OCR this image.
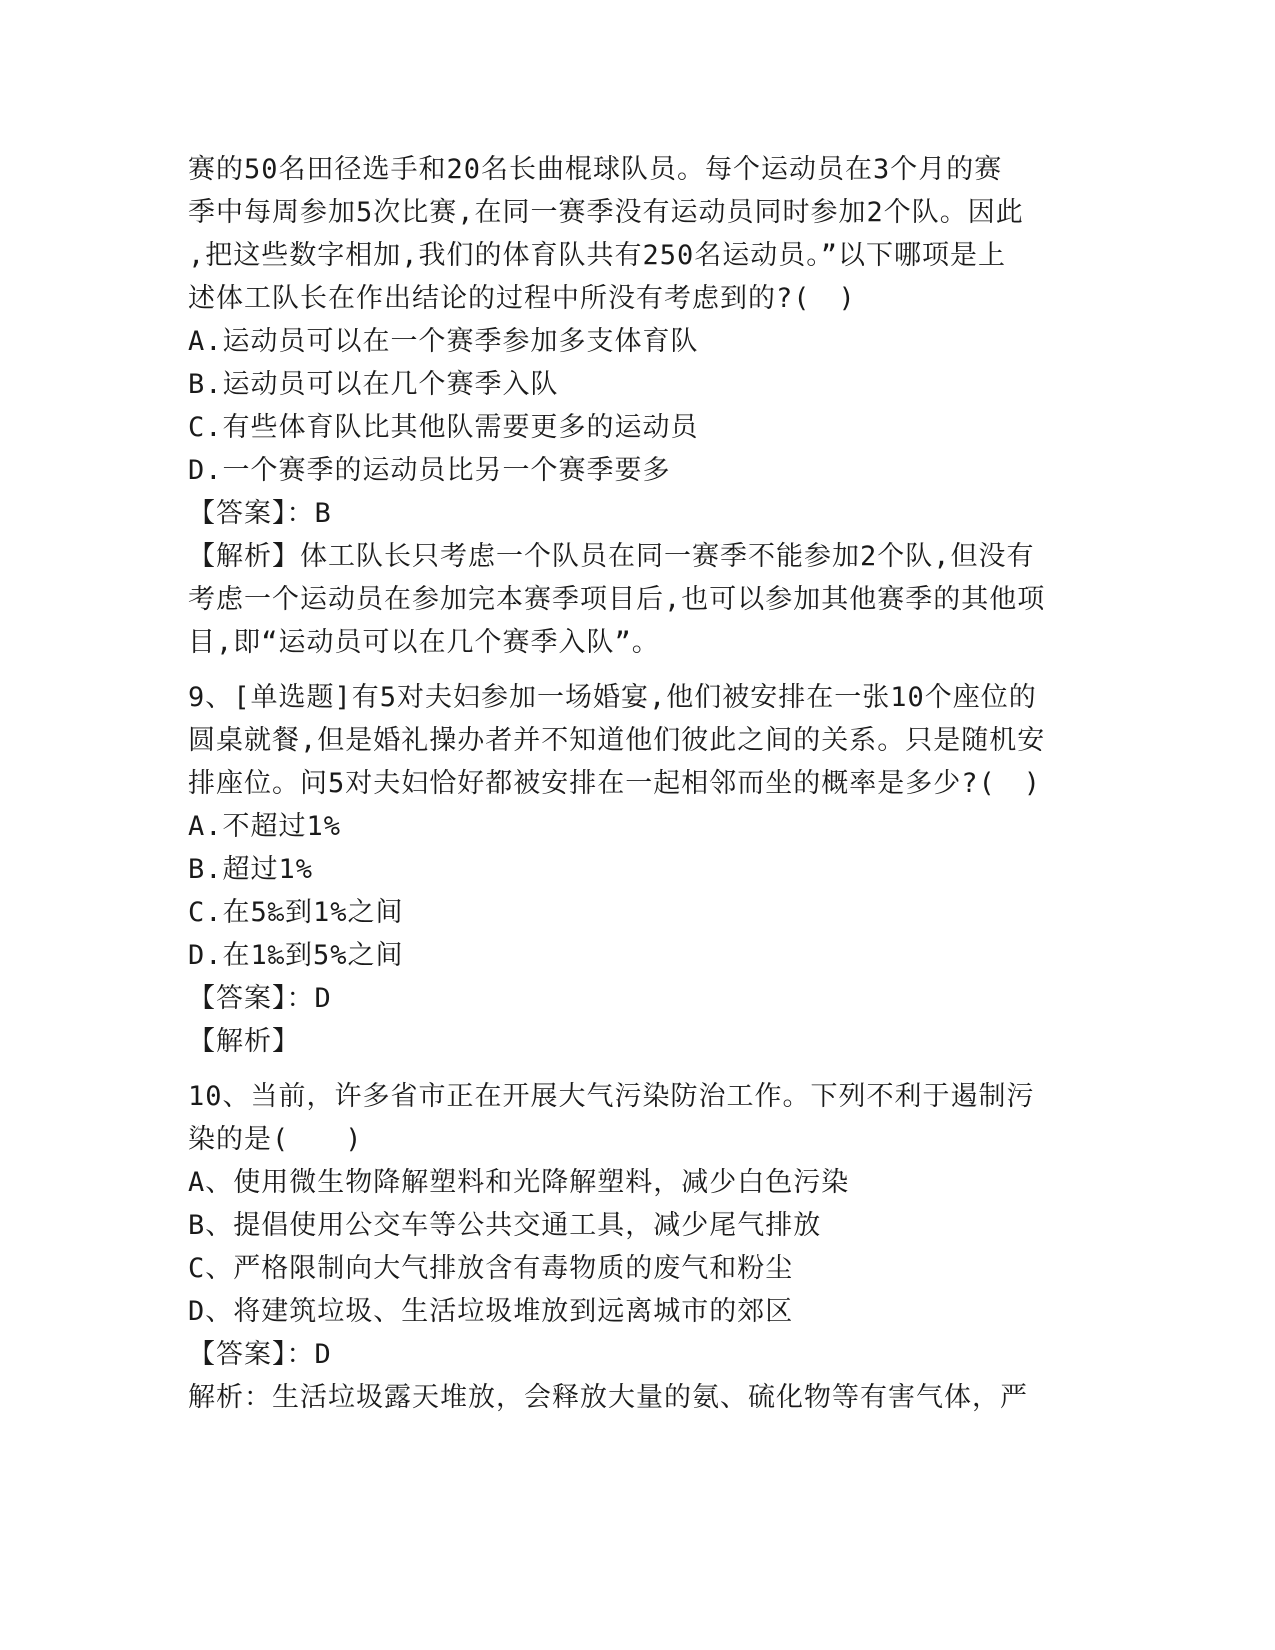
赛的50名田径选手和20名长曲棍球队员。每个运动员在3个月的赛
季中每周参加5次比赛,在同一赛季没有运动员同时参加2个队。因此
,把这些数字相加,我们的体育队共有250名运动员。”以下哪项是上
述体工队长在作出结论的过程中所没有考虑到的?(　)
A.运动员可以在一个赛季参加多支体育队
B.运动员可以在几个赛季入队
C.有些体育队比其他队需要更多的运动员
D.一个赛季的运动员比另一个赛季要多
【答案】：B
【解析】体工队长只考虑一个队员在同一赛季不能参加2个队,但没有
考虑一个运动员在参加完本赛季项目后,也可以参加其他赛季的其他项
目,即“运动员可以在几个赛季入队”。
9、[单选题]有5对夫妇参加一场婚宴,他们被安排在一张10个座位的
圆桌就餐,但是婚礼操办者并不知道他们彼此之间的关系。只是随机安
排座位。问5对夫妇恰好都被安排在一起相邻而坐的概率是多少?(　)
A.不超过1%
B.超过1%
C.在5‰到1%之间
D.在1‰到5%之间
【答案】：D
【解析】
10、当前，许多省市正在开展大气污染防治工作。下列不利于遏制污
染的是(　　)
A、使用微生物降解塑料和光降解塑料，减少白色污染
B、提倡使用公交车等公共交通工具，减少尾气排放
C、严格限制向大气排放含有毒物质的废气和粉尘
D、将建筑垃圾、生活垃圾堆放到远离城市的郊区
【答案】：D
解析：生活垃圾露天堆放，会释放大量的氨、硫化物等有害气体，严
